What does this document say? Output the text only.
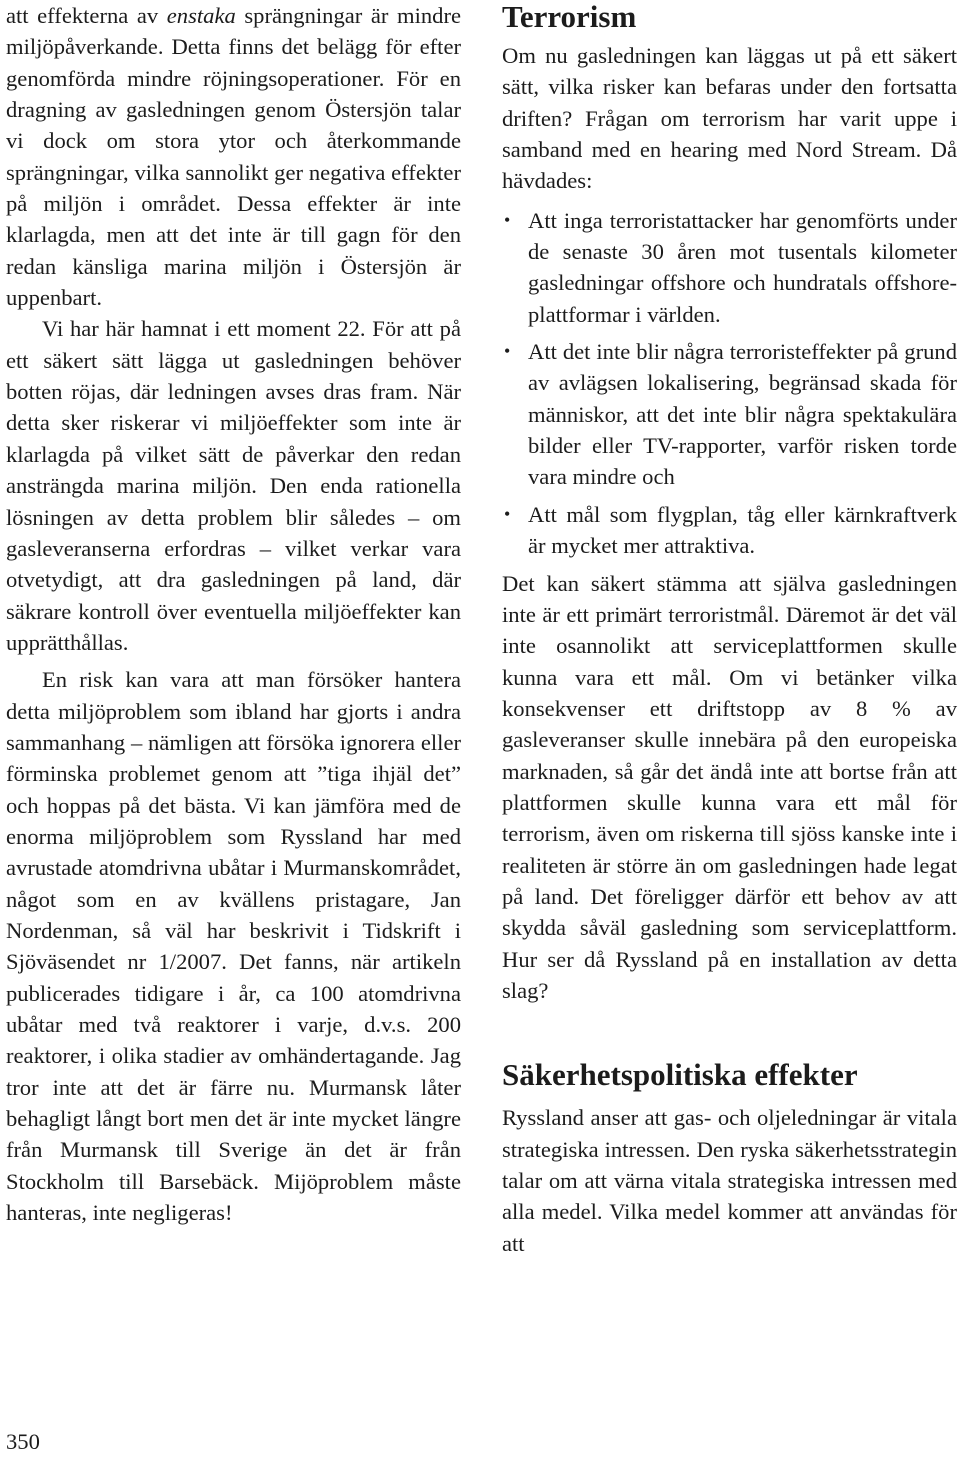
att effekterna av enstaka sprängningar är mindre miljöpåverkande. Detta finns det belägg för efter genomförda mindre röjningsoperationer. För en dragning av gasledningen genom Östersjön talar vi dock om stora ytor och återkommande sprängningar, vilka sannolikt ger negativa effekter på miljön i området. Dessa effekter är inte klarlagda, men att det inte är till gagn för den redan känsliga marina miljön i Östersjön är uppenbart.

Vi har här hamnat i ett moment 22. För att på ett säkert sätt lägga ut gasledningen behöver botten röjas, där ledningen avses dras fram. När detta sker riskerar vi miljöeffekter som inte är klarlagda på vilket sätt de påverkar den redan ansträngda marina miljön. Den enda rationella lösningen av detta problem blir således – om gasleveranserna erfordras – vilket verkar vara otvetydigt, att dra gasledningen på land, där säkrare kontroll över eventuella miljöeffekter kan upprätthållas.

En risk kan vara att man försöker hantera detta miljöproblem som ibland har gjorts i andra sammanhang – nämligen att försöka ignorera eller förminska problemet genom att ”tiga ihjäl det” och hoppas på det bästa. Vi kan jämföra med de enorma miljöproblem som Ryssland har med avrustade atomdrivna ubåtar i Murmanskområdet, något som en av kvällens pristagare, Jan Nordenman, så väl har beskrivit i Tidskrift i Sjöväsendet nr 1/2007. Det fanns, när artikeln publicerades tidigare i år, ca 100 atomdrivna ubåtar med två reaktorer i varje, d.v.s. 200 reaktorer, i olika stadier av omhändertagande. Jag tror inte att det är färre nu. Murmansk låter behagligt långt bort men det är inte mycket längre från Murmansk till Sverige än det är från Stockholm till Barsebäck. Mijöproblem måste hanteras, inte negligeras!

Terrorism

Om nu gasledningen kan läggas ut på ett säkert sätt, vilka risker kan befaras under den fortsatta driften? Frågan om terrorism har varit uppe i samband med en hearing med Nord Stream. Då hävdades:

• Att inga terroristattacker har genomförts under de senaste 30 åren mot tusentals kilometer gasledningar offshore och hundratals offshore-plattformar i världen.
• Att det inte blir några terroristeffekter på grund av avlägsen lokalisering, begränsad skada för människor, att det inte blir några spektakulära bilder eller TV-rapporter, varför risken torde vara mindre och
• Att mål som flygplan, tåg eller kärnkraftverk är mycket mer attraktiva.

Det kan säkert stämma att själva gasledningen inte är ett primärt terroristmål. Däremot är det väl inte osannolikt att serviceplattformen skulle kunna vara ett mål. Om vi betänker vilka konsekvenser ett driftstopp av 8 % av gasleveranser skulle innebära på den europeiska marknaden, så går det ändå inte att bortse från att plattformen skulle kunna vara ett mål för terrorism, även om riskerna till sjöss kanske inte i realiteten är större än om gasledningen hade legat på land. Det föreligger därför ett behov av att skydda såväl gasledning som serviceplattform. Hur ser då Ryssland på en installation av detta slag?

Säkerhetspolitiska effekter

Ryssland anser att gas- och oljeledningar är vitala strategiska intressen. Den ryska säkerhetsstrategin talar om att värna vitala strategiska intressen med alla medel. Vilka medel kommer att användas för att

350
